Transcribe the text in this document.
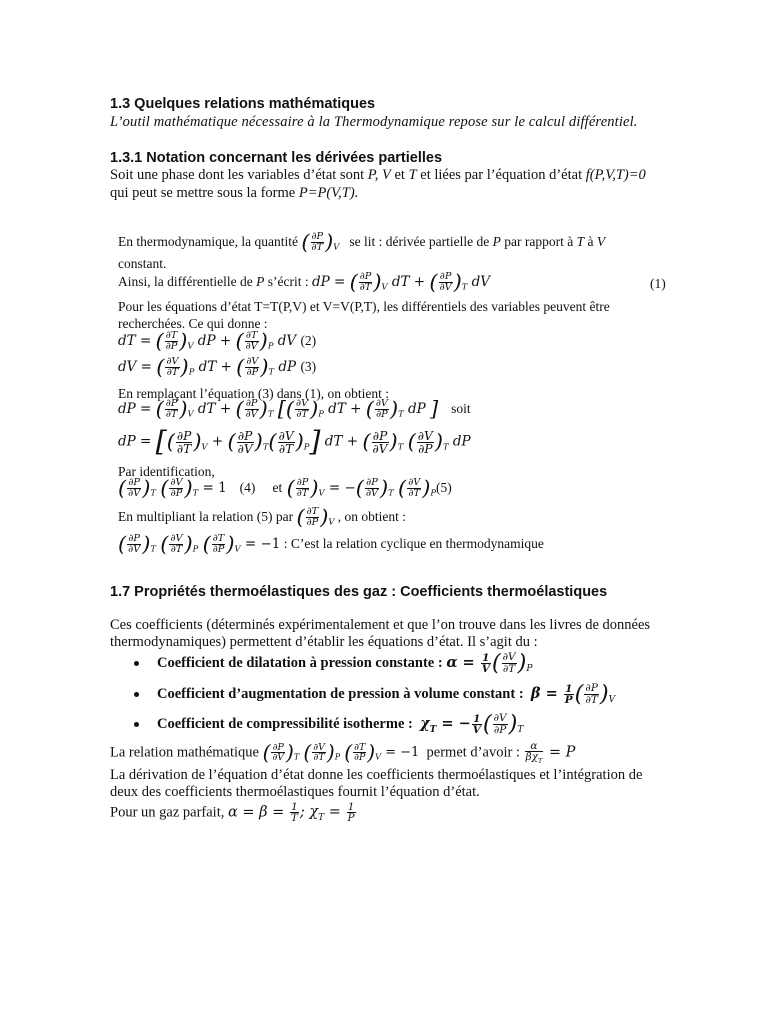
1.3 Quelques relations mathématiques
L’outil mathématique nécessaire à la Thermodynamique repose sur le calcul différentiel.
1.3.1 Notation concernant les dérivées partielles
Soit une phase dont les variables d’état sont P, V et T et liées par l’équation d’état f(P,V,T)=0
qui peut se mettre sous la forme P=P(V,T).
En thermodynamique, la quantité ( $\frac{\partial P}{\partial T} )_V$ se lit : dérivée partielle de P par rapport à T à V
constant.
Ainsi, la différentielle de P s’écrit : dP = ( $\frac{\partial P}{\partial T} )_V$ dT + ( $\frac{\partial P}{\partial V} )_T$ dV	(1)
Pour les équations d’état T=T(P,V) et V=V(P,T), les différentiels des variables peuvent être
recherchées. Ce qui donne :
dT = ( $\frac{\partial T}{\partial P} )_V$ dP + ( $\frac{\partial T}{\partial V} )_P$ dV (2)
dV = ( $\frac{\partial V}{\partial T} )_P$ dT + ( $\frac{\partial V}{\partial P} )_T$ dP (3)
En remplaçant l’équation (3) dans (1), on obtient :
dP = ( $\frac{\partial P}{\partial T} )_V$ dT + ( $\frac{\partial P}{\partial V} )_T$ [( $\frac{\partial V}{\partial T} )_P$ dT + ( $\frac{\partial V}{\partial P} )_T$ dP ] soit
dP = [( $\frac{\partial P}{\partial T} )_V$ + ( $\frac{\partial P}{\partial V} )_T( \frac{\partial V}{\partial T} )_P$] dT + ( $\frac{\partial P}{\partial V} )_T$ ( $\frac{\partial V}{\partial P} )_T$ dP
Par identification,
( $\frac{\partial P}{\partial V} )_T$ ( $\frac{\partial V}{\partial P} )_T = 1$ (4) et ( $\frac{\partial P}{\partial T} )_V$ = −( $\frac{\partial P}{\partial V} )_T$ ( $\frac{\partial V}{\partial T} )_P(5)$
En multipliant la relation (5) par ( $\frac{\partial T}{\partial P} )_V$ , on obtient :
( $\frac{\partial P}{\partial V} )_T$ ( $\frac{\partial V}{\partial T} )_P$ ( $\frac{\partial T}{\partial P} )_V = -1$ : C’est la relation cyclique en thermodynamique
1.7 Propriétés thermoélastiques des gaz : Coefficients thermoélastiques
Ces coefficients (déterminés expérimentalement et que l’on trouve dans les livres de données
thermodynamiques) permettent d’établir les équations d’état. Il s’agit du :
Coefficient de dilatation à pression constante : $\alpha = \frac{1}{V}$ ( $\frac{\partial V}{\partial T} )_P$
Coefficient d’augmentation de pression à volume constant : $\beta = \frac{1}{P}$ ( $\frac{\partial P}{\partial T} )_V$
Coefficient de compressibilité isotherme : $\chi_T$ = − $\frac{1}{V}$ ( $\frac{\partial V}{\partial P} )_T$
La relation mathématique ( $\frac{\partial P}{\partial V} )_T$ ( $\frac{\partial V}{\partial T} )_P$ ( $\frac{\partial T}{\partial P} )_V = -1$ permet d’avoir : $\frac{\alpha}{\beta\chi_T} = P$
La dérivation de l’équation d’état donne les coefficients thermoélastiques et l’intégration de
deux des coefficients thermoélastiques fournit l’équation d’état.
Pour un gaz parfait, $\alpha = \beta = \frac{1}{T}$ ; $\chi_T = \frac{1}{P}$
